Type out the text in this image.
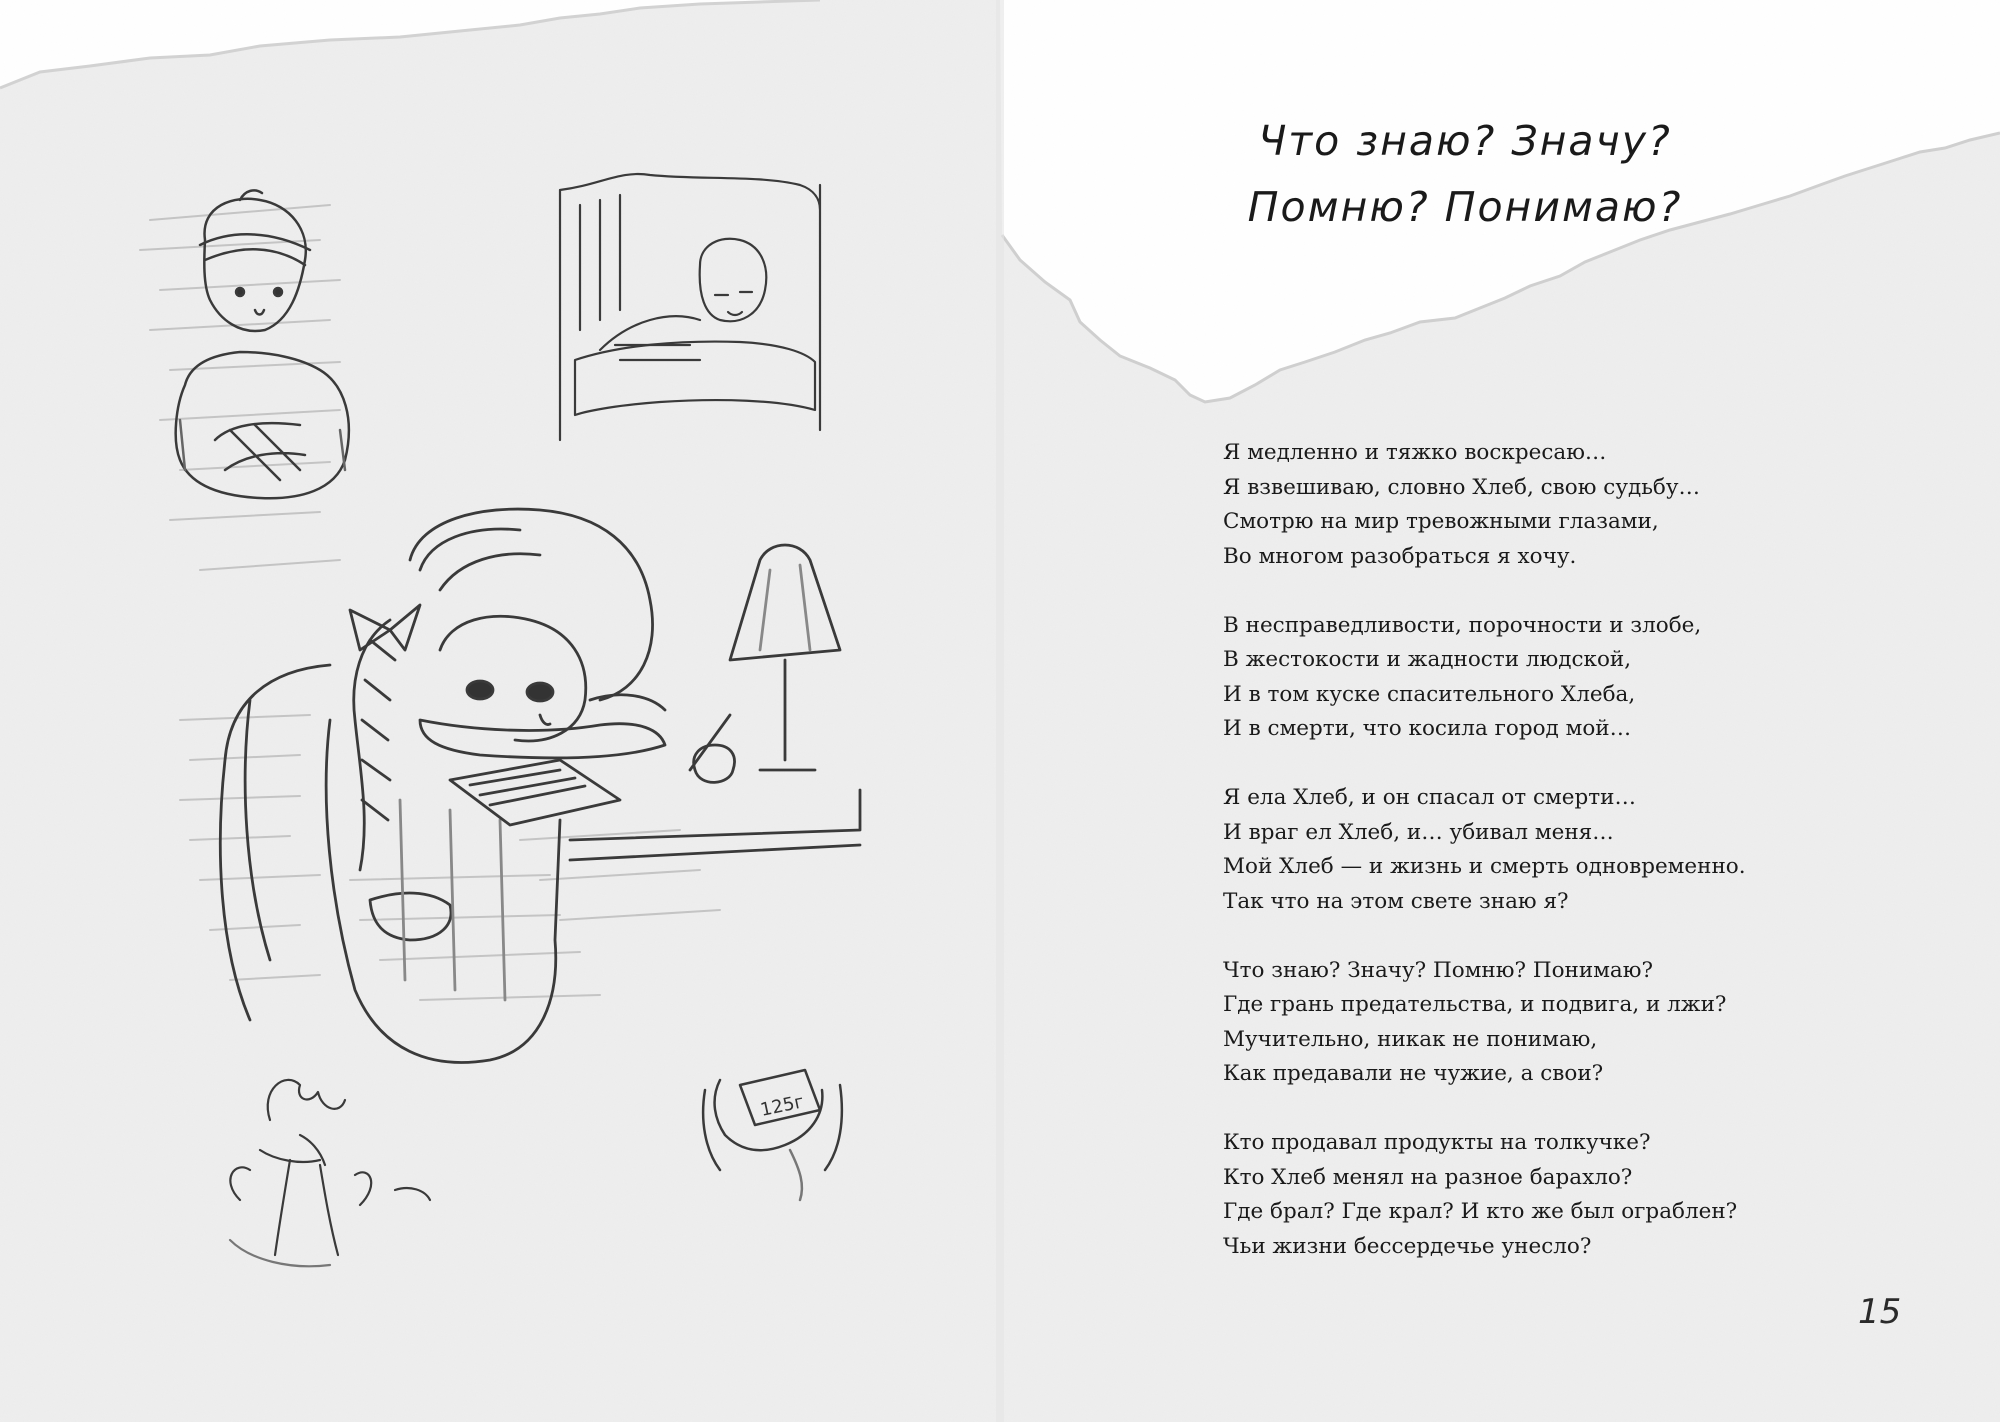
125г
Что знаю? Значу?
Помню? Понимаю?
Я медленно и тяжко воскресаю…
Я взвешиваю, словно Хлеб, свою судьбу…
Смотрю на мир тревожными глазами,
Во многом разобраться я хочу.
В несправедливости, порочности и злобе,
В жестокости и жадности людской,
И в том куске спасительного Хлеба,
И в смерти, что косила город мой…
Я ела Хлеб, и он спасал от смерти…
И враг ел Хлеб, и… убивал меня…
Мой Хлеб — и жизнь и смерть одновременно.
Так что на этом свете знаю я?
Что знаю? Значу? Помню? Понимаю?
Где грань предательства, и подвига, и лжи?
Мучительно, никак не понимаю,
Как предавали не чужие, а свои?
Кто продавал продукты на толкучке?
Кто Хлеб менял на разное барахло?
Где брал? Где крал? И кто же был ограблен?
Чьи жизни бессердечье унесло?
15
